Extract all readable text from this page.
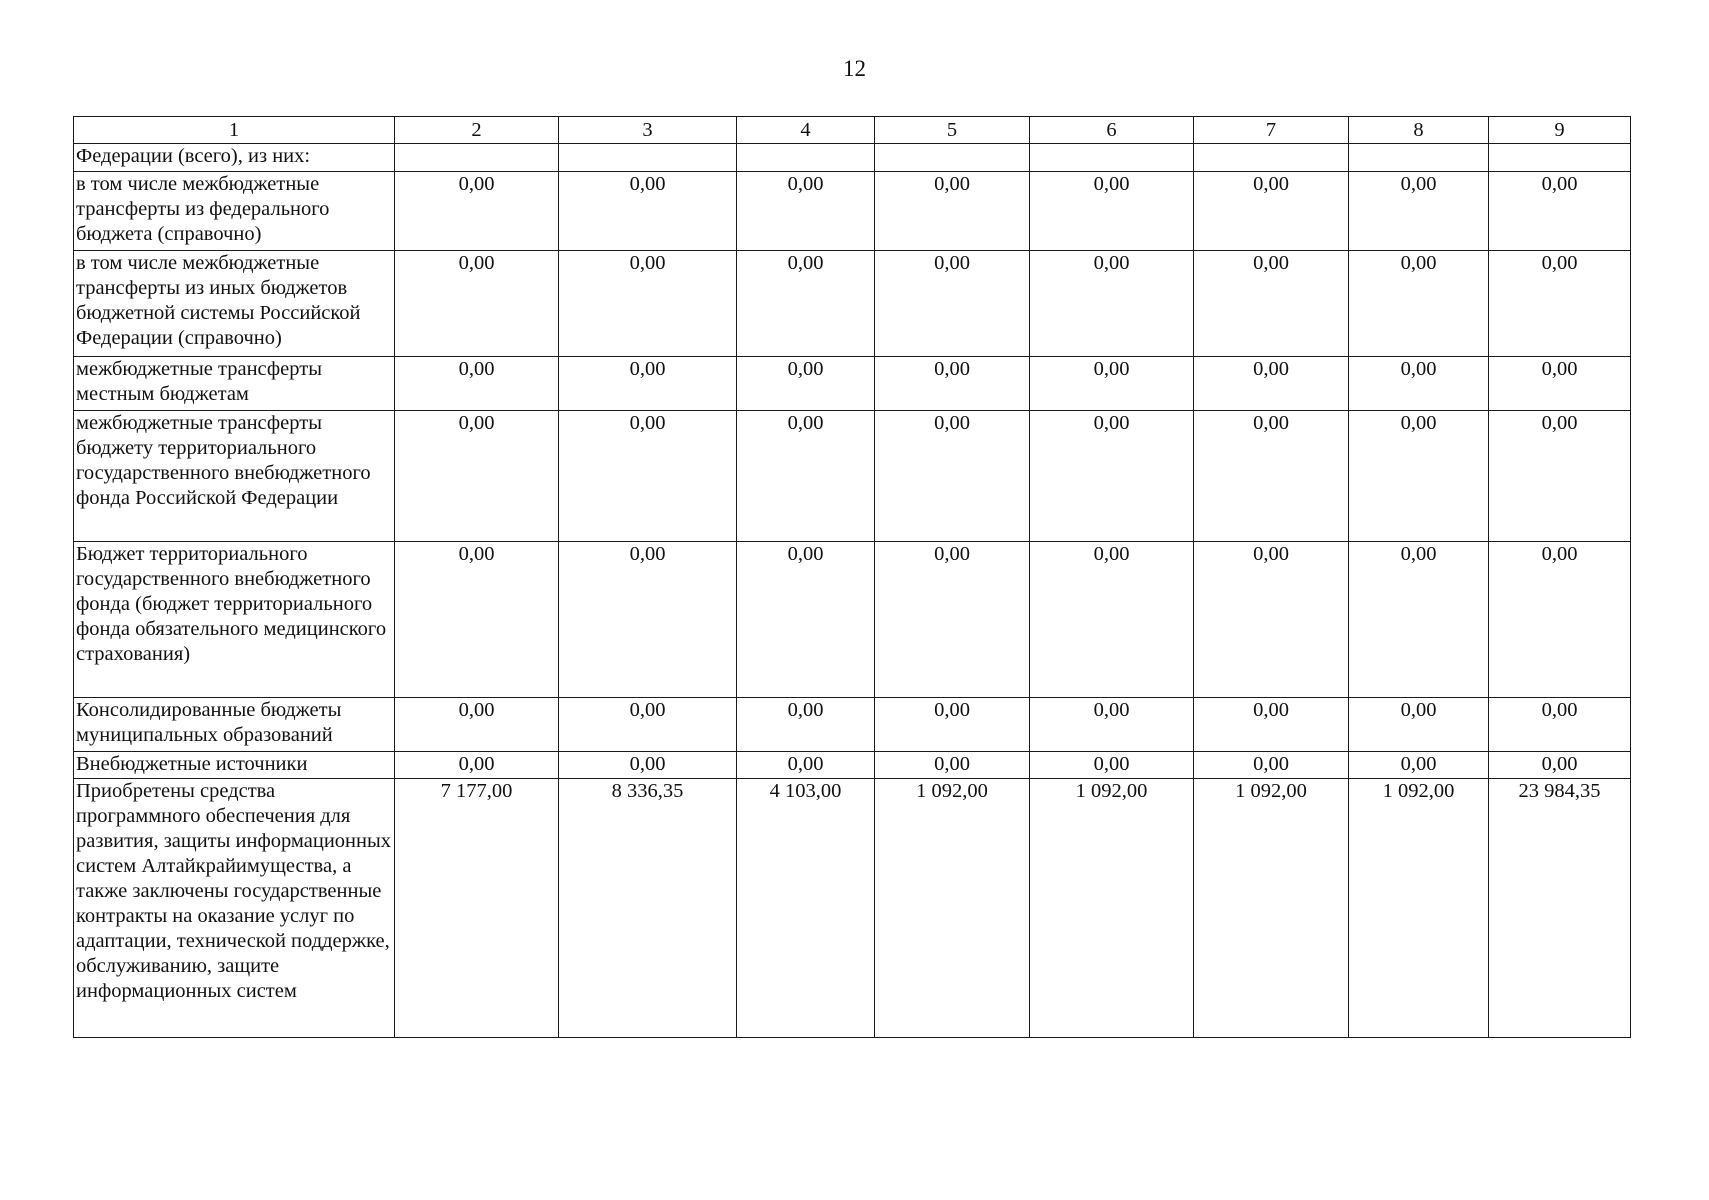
12
1	2	3	4	5	6	7	8	9
Федерации (всего), из них:								
в том числе межбюджетные трансферты из федерального бюджета (справочно)	0,00	0,00	0,00	0,00	0,00	0,00	0,00	0,00
в том числе межбюджетные трансферты из иных бюджетов бюджетной системы Российской Федерации (справочно)	0,00	0,00	0,00	0,00	0,00	0,00	0,00	0,00
межбюджетные трансферты местным бюджетам	0,00	0,00	0,00	0,00	0,00	0,00	0,00	0,00
межбюджетные трансферты бюджету территориального государственного внебюджетного фонда Российской Федерации	0,00	0,00	0,00	0,00	0,00	0,00	0,00	0,00
Бюджет территориального государственного внебюджетного фонда (бюджет территориального фонда обязательного медицинского страхования)	0,00	0,00	0,00	0,00	0,00	0,00	0,00	0,00
Консолидированные бюджеты муниципальных образований	0,00	0,00	0,00	0,00	0,00	0,00	0,00	0,00
Внебюджетные источники	0,00	0,00	0,00	0,00	0,00	0,00	0,00	0,00
Приобретены средства программного обеспечения для развития, защиты информационных систем Алтайкрайимущества, а также заключены государственные контракты на оказание услуг по адаптации, технической поддержке, обслуживанию, защите информационных систем	7 177,00	8 336,35	4 103,00	1 092,00	1 092,00	1 092,00	1 092,00	23 984,35
